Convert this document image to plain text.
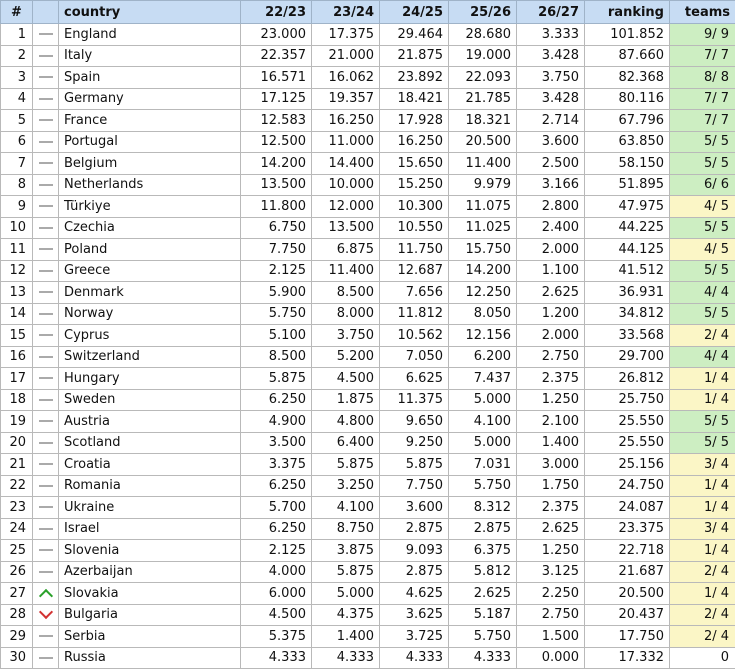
#		country	22/23	23/24	24/25	25/26	26/27	ranking	teams
1		England	23.000	17.375	29.464	28.680	3.333	101.852	9/ 9
2		Italy	22.357	21.000	21.875	19.000	3.428	87.660	7/ 7
3		Spain	16.571	16.062	23.892	22.093	3.750	82.368	8/ 8
4		Germany	17.125	19.357	18.421	21.785	3.428	80.116	7/ 7
5		France	12.583	16.250	17.928	18.321	2.714	67.796	7/ 7
6		Portugal	12.500	11.000	16.250	20.500	3.600	63.850	5/ 5
7		Belgium	14.200	14.400	15.650	11.400	2.500	58.150	5/ 5
8		Netherlands	13.500	10.000	15.250	9.979	3.166	51.895	6/ 6
9		Türkiye	11.800	12.000	10.300	11.075	2.800	47.975	4/ 5
10		Czechia	6.750	13.500	10.550	11.025	2.400	44.225	5/ 5
11		Poland	7.750	6.875	11.750	15.750	2.000	44.125	4/ 5
12		Greece	2.125	11.400	12.687	14.200	1.100	41.512	5/ 5
13		Denmark	5.900	8.500	7.656	12.250	2.625	36.931	4/ 4
14		Norway	5.750	8.000	11.812	8.050	1.200	34.812	5/ 5
15		Cyprus	5.100	3.750	10.562	12.156	2.000	33.568	2/ 4
16		Switzerland	8.500	5.200	7.050	6.200	2.750	29.700	4/ 4
17		Hungary	5.875	4.500	6.625	7.437	2.375	26.812	1/ 4
18		Sweden	6.250	1.875	11.375	5.000	1.250	25.750	1/ 4
19		Austria	4.900	4.800	9.650	4.100	2.100	25.550	5/ 5
20		Scotland	3.500	6.400	9.250	5.000	1.400	25.550	5/ 5
21		Croatia	3.375	5.875	5.875	7.031	3.000	25.156	3/ 4
22		Romania	6.250	3.250	7.750	5.750	1.750	24.750	1/ 4
23		Ukraine	5.700	4.100	3.600	8.312	2.375	24.087	1/ 4
24		Israel	6.250	8.750	2.875	2.875	2.625	23.375	3/ 4
25		Slovenia	2.125	3.875	9.093	6.375	1.250	22.718	1/ 4
26		Azerbaijan	4.000	5.875	2.875	5.812	3.125	21.687	2/ 4
27		Slovakia	6.000	5.000	4.625	2.625	2.250	20.500	1/ 4
28		Bulgaria	4.500	4.375	3.625	5.187	2.750	20.437	2/ 4
29		Serbia	5.375	1.400	3.725	5.750	1.500	17.750	2/ 4
30		Russia	4.333	4.333	4.333	4.333	0.000	17.332	0
